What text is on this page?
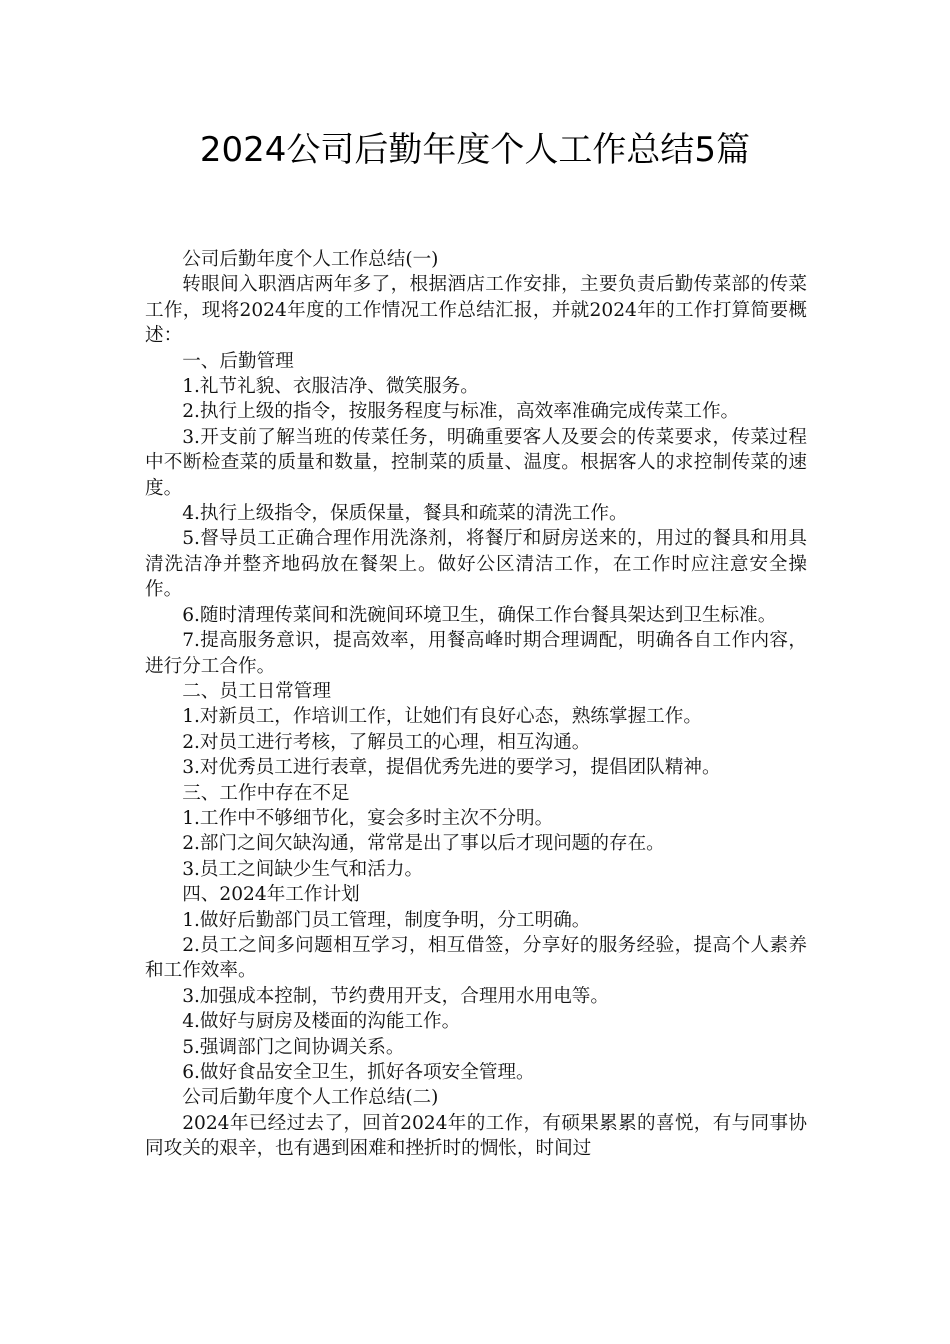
2024公司后勤年度个人工作总结5篇

公司后勤年度个人工作总结(一)

转眼间入职酒店两年多了，根据酒店工作安排，主要负责后勤传菜部的传菜工作，现将2024年度的工作情况工作总结汇报，并就2024年的工作打算简要概述：

一、后勤管理

1.礼节礼貌、衣服洁净、微笑服务。

2.执行上级的指令，按服务程度与标准，高效率准确完成传菜工作。

3.开支前了解当班的传菜任务，明确重要客人及要会的传菜要求，传菜过程中不断检查菜的质量和数量，控制菜的质量、温度。根据客人的求控制传菜的速度。

4.执行上级指令，保质保量，餐具和疏菜的清洗工作。

5.督导员工正确合理作用洗涤剂，将餐厅和厨房送来的，用过的餐具和用具清洗洁净并整齐地码放在餐架上。做好公区清洁工作，在工作时应注意安全操作。

6.随时清理传菜间和洗碗间环境卫生，确保工作台餐具架达到卫生标准。

7.提高服务意识，提高效率，用餐高峰时期合理调配，明确各自工作内容，进行分工合作。

二、员工日常管理

1.对新员工，作培训工作，让她们有良好心态，熟练掌握工作。

2.对员工进行考核，了解员工的心理，相互沟通。

3.对优秀员工进行表章，提倡优秀先进的要学习，提倡团队精神。

三、工作中存在不足

1.工作中不够细节化，宴会多时主次不分明。

2.部门之间欠缺沟通，常常是出了事以后才现问题的存在。

3.员工之间缺少生气和活力。

四、2024年工作计划

1.做好后勤部门员工管理，制度争明，分工明确。

2.员工之间多问题相互学习，相互借签，分享好的服务经验，提高个人素养和工作效率。

3.加强成本控制，节约费用开支，合理用水用电等。

4.做好与厨房及楼面的沟能工作。

5.强调部门之间协调关系。

6.做好食品安全卫生，抓好各项安全管理。

公司后勤年度个人工作总结(二)

2024年已经过去了，回首2024年的工作，有硕果累累的喜悦，有与同事协同攻关的艰辛，也有遇到困难和挫折时的惆怅，时间过
